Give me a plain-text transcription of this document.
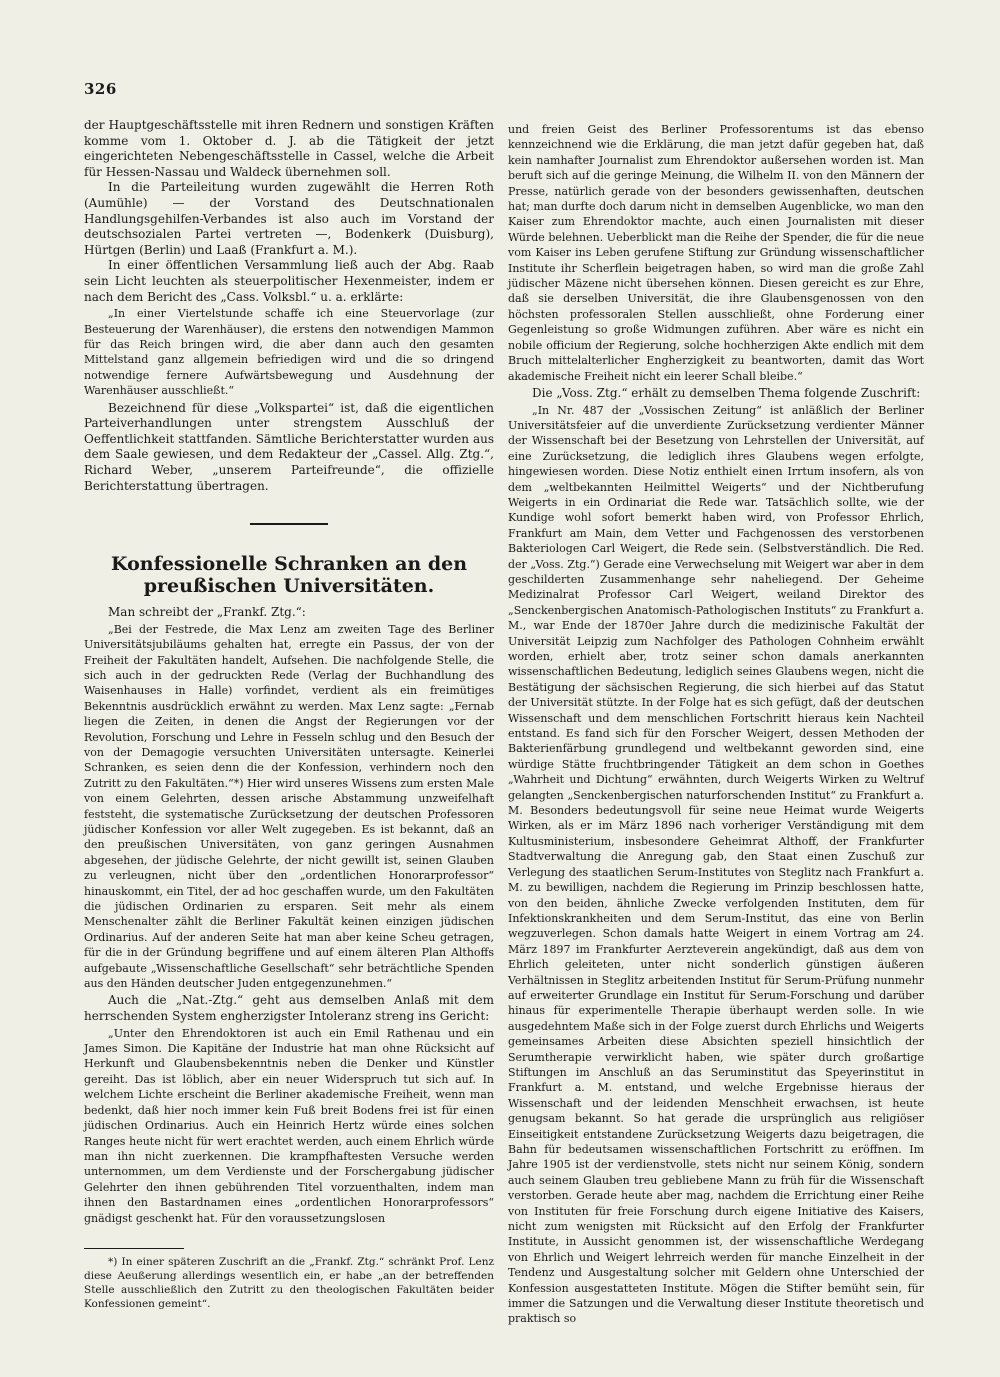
326

der Hauptgeschäftsstelle mit ihren Rednern und sonstigen Kräften komme vom 1. Oktober d. J. ab die Tätigkeit der jetzt eingerichteten Nebengeschäftsstelle in Cassel, welche die Arbeit für Hessen-Nassau und Waldeck übernehmen soll.

In die Parteileitung wurden zugewählt die Herren Roth (Aumühle) — der Vorstand des Deutschnationalen Handlungsgehilfen-Verbandes ist also auch im Vorstand der deutschsozialen Partei vertreten —, Bodenkerk (Duisburg), Hürtgen (Berlin) und Laaß (Frankfurt a. M.).

In einer öffentlichen Versammlung ließ auch der Abg. Raab sein Licht leuchten als steuerpolitischer Hexenmeister, indem er nach dem Bericht des „Cass. Volksbl.“ u. a. erklärte:

„In einer Viertelstunde schaffe ich eine Steuervorlage (zur Besteuerung der Warenhäuser), die erstens den notwendigen Mammon für das Reich bringen wird, die aber dann auch den gesamten Mittelstand ganz allgemein befriedigen wird und die so dringend notwendige fernere Aufwärtsbewegung und Ausdehnung der Warenhäuser ausschließt.“

Bezeichnend für diese „Volkspartei“ ist, daß die eigentlichen Parteiverhandlungen unter strengstem Ausschluß der Oeffentlichkeit stattfanden. Sämtliche Berichterstatter wurden aus dem Saale gewiesen, und dem Redakteur der „Cassel. Allg. Ztg.“, Richard Weber, „unserem Parteifreunde“, die offizielle Berichterstattung übertragen.

Konfessionelle Schranken an den preußischen Universitäten.

Man schreibt der „Frankf. Ztg.“:

„Bei der Festrede, die Max Lenz am zweiten Tage des Berliner Universitätsjubiläums gehalten hat, erregte ein Passus, der von der Freiheit der Fakultäten handelt, Aufsehen. Die nachfolgende Stelle, die sich auch in der gedruckten Rede (Verlag der Buchhandlung des Waisenhauses in Halle) vorfindet, verdient als ein freimütiges Bekenntnis ausdrücklich erwähnt zu werden. Max Lenz sagte: „Fernab liegen die Zeiten, in denen die Angst der Regierungen vor der Revolution, Forschung und Lehre in Fesseln schlug und den Besuch der von der Demagogie versuchten Universitäten untersagte. Keinerlei Schranken, es seien denn die der Konfession, verhindern noch den Zutritt zu den Fakultäten.“*) Hier wird unseres Wissens zum ersten Male von einem Gelehrten, dessen arische Abstammung unzweifelhaft feststeht, die systematische Zurücksetzung der deutschen Professoren jüdischer Konfession vor aller Welt zugegeben. Es ist bekannt, daß an den preußischen Universitäten, von ganz geringen Ausnahmen abgesehen, der jüdische Gelehrte, der nicht gewillt ist, seinen Glauben zu verleugnen, nicht über den „ordentlichen Honorarprofessor“ hinauskommt, ein Titel, der ad hoc geschaffen wurde, um den Fakultäten die jüdischen Ordinarien zu ersparen. Seit mehr als einem Menschenalter zählt die Berliner Fakultät keinen einzigen jüdischen Ordinarius. Auf der anderen Seite hat man aber keine Scheu getragen, für die in der Gründung begriffene und auf einem älteren Plan Althoffs aufgebaute „Wissenschaftliche Gesellschaft“ sehr beträchtliche Spenden aus den Händen deutscher Juden entgegenzunehmen.“

Auch die „Nat.-Ztg.“ geht aus demselben Anlaß mit dem herrschenden System engherzigster Intoleranz streng ins Gericht:

„Unter den Ehrendoktoren ist auch ein Emil Rathenau und ein James Simon. Die Kapitäne der Industrie hat man ohne Rücksicht auf Herkunft und Glaubensbekenntnis neben die Denker und Künstler gereiht. Das ist löblich, aber ein neuer Widerspruch tut sich auf. In welchem Lichte erscheint die Berliner akademische Freiheit, wenn man bedenkt, daß hier noch immer kein Fuß breit Bodens frei ist für einen jüdischen Ordinarius. Auch ein Heinrich Hertz würde eines solchen Ranges heute nicht für wert erachtet werden, auch einem Ehrlich würde man ihn nicht zuerkennen. Die krampfhaftesten Versuche werden unternommen, um dem Verdienste und der Forschergabung jüdischer Gelehrter den ihnen gebührenden Titel vorzuenthalten, indem man ihnen den Bastardnamen eines „ordentlichen Honorarprofessors“ gnädigst geschenkt hat. Für den voraussetzungslosen

*) In einer späteren Zuschrift an die „Frankf. Ztg.“ schränkt Prof. Lenz diese Aeußerung allerdings wesentlich ein, er habe „an der betreffenden Stelle ausschließlich den Zutritt zu den theologischen Fakultäten beider Konfessionen gemeint“.

und freien Geist des Berliner Professorentums ist das ebenso kennzeichnend wie die Erklärung, die man jetzt dafür gegeben hat, daß kein namhafter Journalist zum Ehrendoktor außersehen worden ist. Man beruft sich auf die geringe Meinung, die Wilhelm II. von den Männern der Presse, natürlich gerade von der besonders gewissenhaften, deutschen hat; man durfte doch darum nicht in demselben Augenblicke, wo man den Kaiser zum Ehrendoktor machte, auch einen Journalisten mit dieser Würde belehnen. Ueberblickt man die Reihe der Spender, die für die neue vom Kaiser ins Leben gerufene Stiftung zur Gründung wissenschaftlicher Institute ihr Scherflein beigetragen haben, so wird man die große Zahl jüdischer Mäzene nicht übersehen können. Diesen gereicht es zur Ehre, daß sie derselben Universität, die ihre Glaubensgenossen von den höchsten professoralen Stellen ausschließt, ohne Forderung einer Gegenleistung so große Widmungen zuführen. Aber wäre es nicht ein nobile officium der Regierung, solche hochherzigen Akte endlich mit dem Bruch mittelalterlicher Engherzigkeit zu beantworten, damit das Wort akademische Freiheit nicht ein leerer Schall bleibe.“

Die „Voss. Ztg.“ erhält zu demselben Thema folgende Zuschrift:

„In Nr. 487 der „Vossischen Zeitung“ ist anläßlich der Berliner Universitätsfeier auf die unverdiente Zurücksetzung verdienter Männer der Wissenschaft bei der Besetzung von Lehrstellen der Universität, auf eine Zurücksetzung, die lediglich ihres Glaubens wegen erfolgte, hingewiesen worden. Diese Notiz enthielt einen Irrtum insofern, als von dem „weltbekannten Heilmittel Weigerts“ und der Nichtberufung Weigerts in ein Ordinariat die Rede war. Tatsächlich sollte, wie der Kundige wohl sofort bemerkt haben wird, von Professor Ehrlich, Frankfurt am Main, dem Vetter und Fachgenossen des verstorbenen Bakteriologen Carl Weigert, die Rede sein. (Selbstverständlich. Die Red. der „Voss. Ztg.“) Gerade eine Verwechselung mit Weigert war aber in dem geschilderten Zusammenhange sehr naheliegend. Der Geheime Medizinalrat Professor Carl Weigert, weiland Direktor des „Senckenbergischen Anatomisch-Pathologischen Instituts“ zu Frankfurt a. M., war Ende der 1870er Jahre durch die medizinische Fakultät der Universität Leipzig zum Nachfolger des Pathologen Cohnheim erwählt worden, erhielt aber, trotz seiner schon damals anerkannten wissenschaftlichen Bedeutung, lediglich seines Glaubens wegen, nicht die Bestätigung der sächsischen Regierung, die sich hierbei auf das Statut der Universität stützte. In der Folge hat es sich gefügt, daß der deutschen Wissenschaft und dem menschlichen Fortschritt hieraus kein Nachteil entstand. Es fand sich für den Forscher Weigert, dessen Methoden der Bakterienfärbung grundlegend und weltbekannt geworden sind, eine würdige Stätte fruchtbringender Tätigkeit an dem schon in Goethes „Wahrheit und Dichtung“ erwähnten, durch Weigerts Wirken zu Weltruf gelangten „Senckenbergischen naturforschenden Institut“ zu Frankfurt a. M. Besonders bedeutungsvoll für seine neue Heimat wurde Weigerts Wirken, als er im März 1896 nach vorheriger Verständigung mit dem Kultusministerium, insbesondere Geheimrat Althoff, der Frankfurter Stadtverwaltung die Anregung gab, den Staat einen Zuschuß zur Verlegung des staatlichen Serum-Institutes von Steglitz nach Frankfurt a. M. zu bewilligen, nachdem die Regierung im Prinzip beschlossen hatte, von den beiden, ähnliche Zwecke verfolgenden Instituten, dem für Infektionskrankheiten und dem Serum-Institut, das eine von Berlin wegzuverlegen. Schon damals hatte Weigert in einem Vortrag am 24. März 1897 im Frankfurter Aerzteverein angekündigt, daß aus dem von Ehrlich geleiteten, unter nicht sonderlich günstigen äußeren Verhältnissen in Steglitz arbeitenden Institut für Serum-Prüfung nunmehr auf erweiterter Grundlage ein Institut für Serum-Forschung und darüber hinaus für experimentelle Therapie überhaupt werden solle. In wie ausgedehntem Maße sich in der Folge zuerst durch Ehrlichs und Weigerts gemeinsames Arbeiten diese Absichten speziell hinsichtlich der Serumtherapie verwirklicht haben, wie später durch großartige Stiftungen im Anschluß an das Seruminstitut das Speyerinstitut in Frankfurt a. M. entstand, und welche Ergebnisse hieraus der Wissenschaft und der leidenden Menschheit erwachsen, ist heute genugsam bekannt. So hat gerade die ursprünglich aus religiöser Einseitigkeit entstandene Zurücksetzung Weigerts dazu beigetragen, die Bahn für bedeutsamen wissenschaftlichen Fortschritt zu eröffnen. Im Jahre 1905 ist der verdienstvolle, stets nicht nur seinem König, sondern auch seinem Glauben treu gebliebene Mann zu früh für die Wissenschaft verstorben. Gerade heute aber mag, nachdem die Errichtung einer Reihe von Instituten für freie Forschung durch eigene Initiative des Kaisers, nicht zum wenigsten mit Rücksicht auf den Erfolg der Frankfurter Institute, in Aussicht genommen ist, der wissenschaftliche Werdegang von Ehrlich und Weigert lehrreich werden für manche Einzelheit in der Tendenz und Ausgestaltung solcher mit Geldern ohne Unterschied der Konfession ausgestatteten Institute. Mögen die Stifter bemüht sein, für immer die Satzungen und die Verwaltung dieser Institute theoretisch und praktisch so
